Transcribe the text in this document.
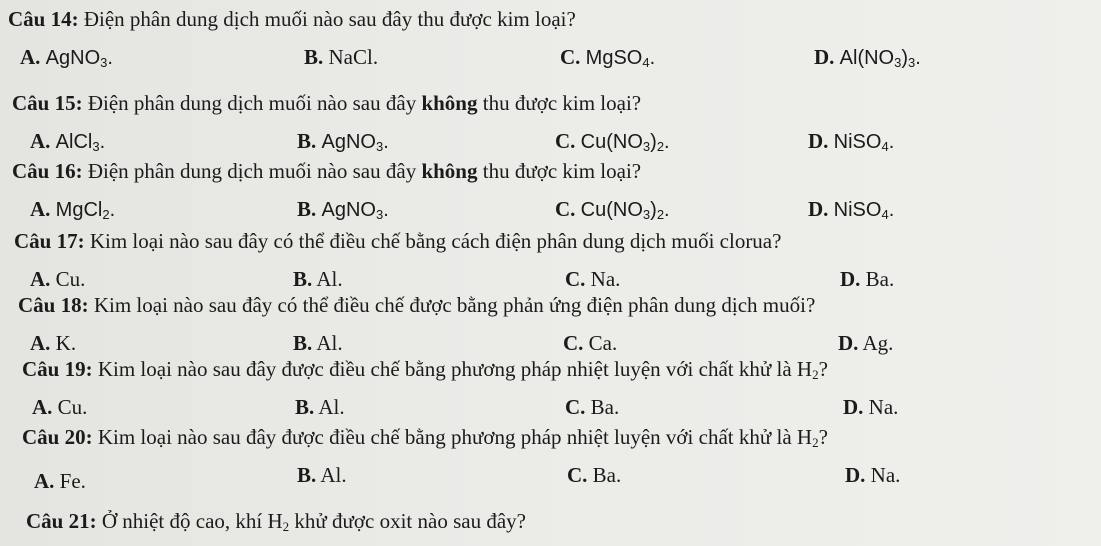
Câu 14: Điện phân dung dịch muối nào sau đây thu được kim loại?
A. AgNO$_3$.	B. NaCl.	C. MgSO$_4$.	D. $Al(NO_3)_3$.
Câu 15: Điện phân dung dịch muối nào sau đây không thu được kim loại?
A. AlCl$_3$.	B. AgNO$_3$.	C. $Cu(NO_3)_2$.	D. NiSO$_4$.
Câu 16: Điện phân dung dịch muối nào sau đây không thu được kim loại?
A. MgCl$_2$.	B. AgNO$_3$.	C. $Cu(NO_3)_2$.	D. NiSO$_4$.
Câu 17: Kim loại nào sau đây có thể điều chế bằng cách điện phân dung dịch muối clorua?
A. Cu.	B. Al.	C. Na.	D. Ba.
Câu 18: Kim loại nào sau đây có thể điều chế được bằng phản ứng điện phân dung dịch muối?
A. K.	B. Al.	C. Ca.	D. Ag.
Câu 19: Kim loại nào sau đây được điều chế bằng phương pháp nhiệt luyện với chất khử là $H_2$?
A. Cu.	B. Al.	C. Ba.	D. Na.
Câu 20: Kim loại nào sau đây được điều chế bằng phương pháp nhiệt luyện với chất khử là $H_2$?
A. Fe.	B. Al.	C. Ba.	D. Na.
Câu 21: Ở nhiệt độ cao, khí $H_2$ khử được oxit nào sau đây?
